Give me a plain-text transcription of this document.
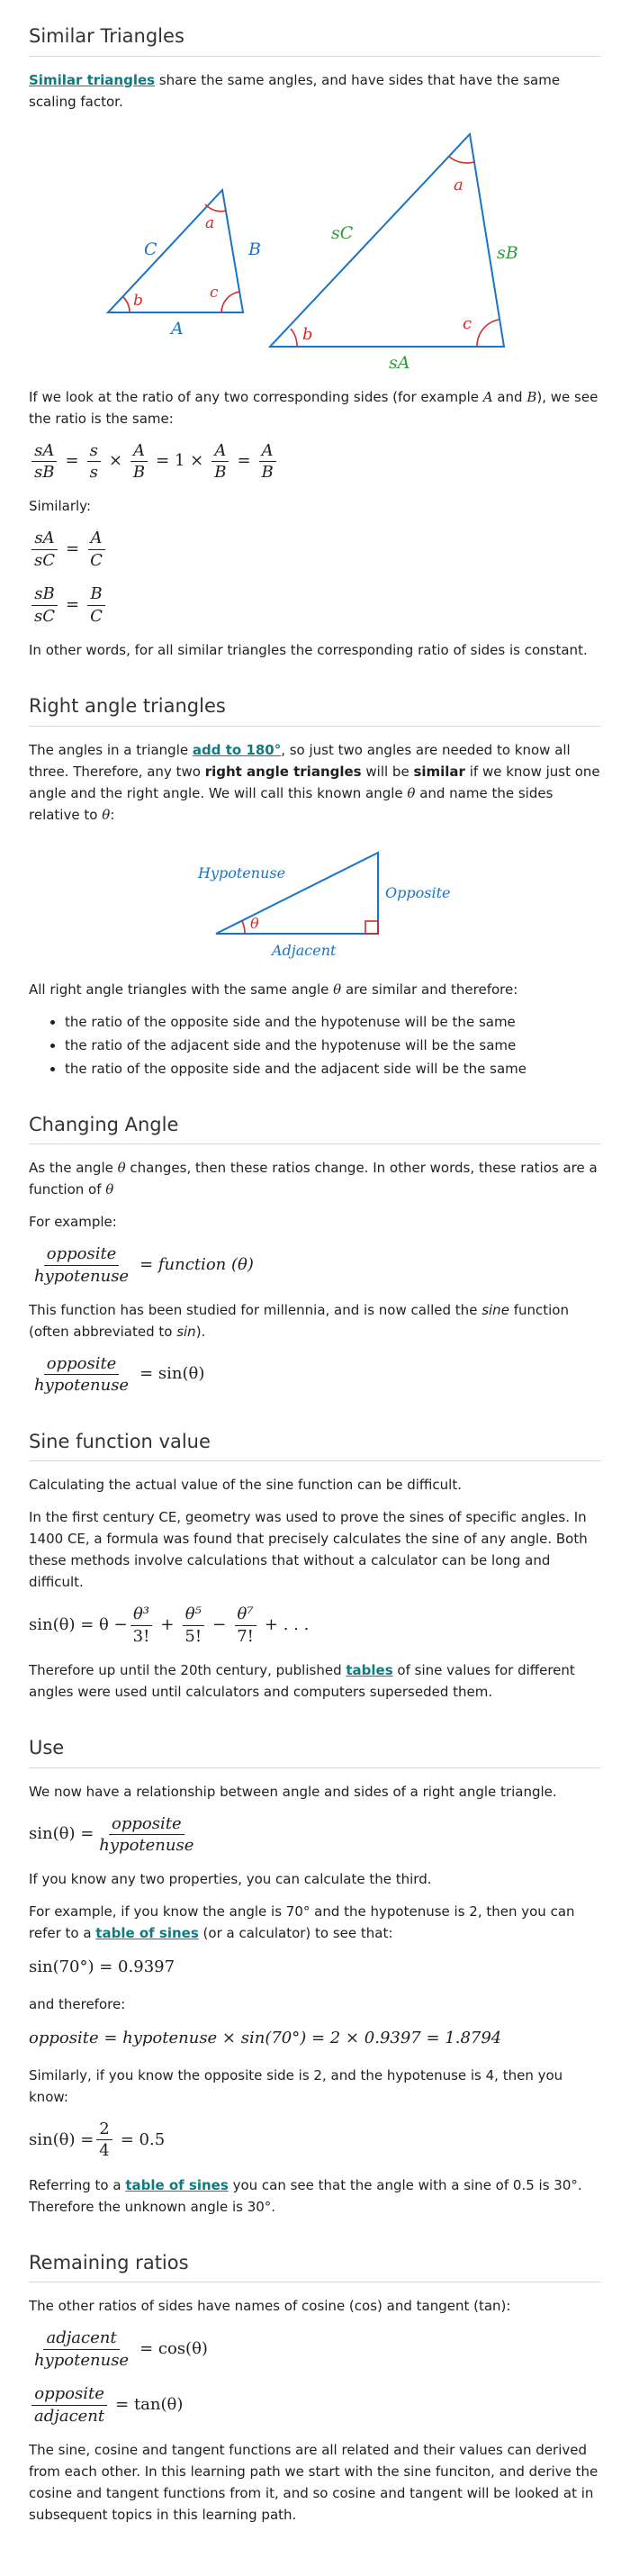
Similar Triangles

Similar triangles share the same angles, and have sides that have the same scaling factor.

a
b	c
C	B
A
a
b
c
sC
sB
sA

If we look at the ratio of any two corresponding sides (for example A and B), we see the ratio is the same:

$\frac{sA}{sB} = \frac{s}{s} \times \frac{A}{B} = 1 \times \frac{A}{B} = \frac{A}{B}$

Similarly:

$\frac{sA}{sC} = \frac{A}{C}$
$\frac{sB}{sC} = \frac{B}{C}$

In other words, for all similar triangles the corresponding ratio of sides is constant.

Right angle triangles

The angles in a triangle add to 180°, so just two angles are needed to know all three. Therefore, any two right angle triangles will be similar if we know just one angle and the right angle. We will call this known angle θ and name the sides relative to θ:

θ
Hypotenuse
Opposite
Adjacent

All right angle triangles with the same angle θ are similar and therefore:

• the ratio of the opposite side and the hypotenuse will be the same
• the ratio of the adjacent side and the hypotenuse will be the same
• the ratio of the opposite side and the adjacent side will be the same
Changing Angle

As the angle θ changes, then these ratios change. In other words, these ratios are a function of θ

For example:

$\frac{\text{opposite}}{\text{hypotenuse}}$ = function (θ)

This function has been studied for millennia, and is now called the sine function (often abbreviated to sin).

$\frac{\text{opposite}}{\text{hypotenuse}} = \sin(\theta)$
Sine function value

Calculating the actual value of the sine function can be difficult.

In the first century CE, geometry was used to prove the sines of specific angles. In 1400 CE, a formula was found that precisely calculates the sine of any angle. Both these methods involve calculations that without a calculator can be long and difficult.

$\sin(\theta) = \theta - \frac{\text{θ³}}{3!} + \frac{\text{θ⁵}}{5!} - \frac{\text{θ⁷}}{7!}$ + . . .

Therefore up until the 20th century, published tables of sine values for different angles were used until calculators and computers superseded them.

Use

We now have a relationship between angle and sides of a right angle triangle.

$\sin(\theta) = \frac{\text{opposite}}{\text{hypotenuse}}$

If you know any two properties, you can calculate the third.

For example, if you know the angle is 70° and the hypotenuse is 2, then you can refer to a table of sines (or a calculator) to see that:

sin(70°) = 0.9397

and therefore:

opposite = hypotenuse × sin(70°) = 2 × 0.9397 = 1.8794

Similarly, if you know the opposite side is 2, and the hypotenuse is 4, then you know:

$\sin(\theta) = \frac{2}{4} = 0.5$

Referring to a table of sines you can see that the angle with a sine of 0.5 is 30°. Therefore the unknown angle is 30°.

Remaining ratios

The other ratios of sides have names of cosine (cos) and tangent (tan):

$\frac{\text{adjacent}}{\text{hypotenuse}} = \cos(\theta)$
$\frac{\text{opposite}}{\text{adjacent}} = \tan(\theta)$

The sine, cosine and tangent functions are all related and their values can derived from each other. In this learning path we start with the sine funciton, and derive the cosine and tangent functions from it, and so cosine and tangent will be looked at in subsequent topics in this learning path.
